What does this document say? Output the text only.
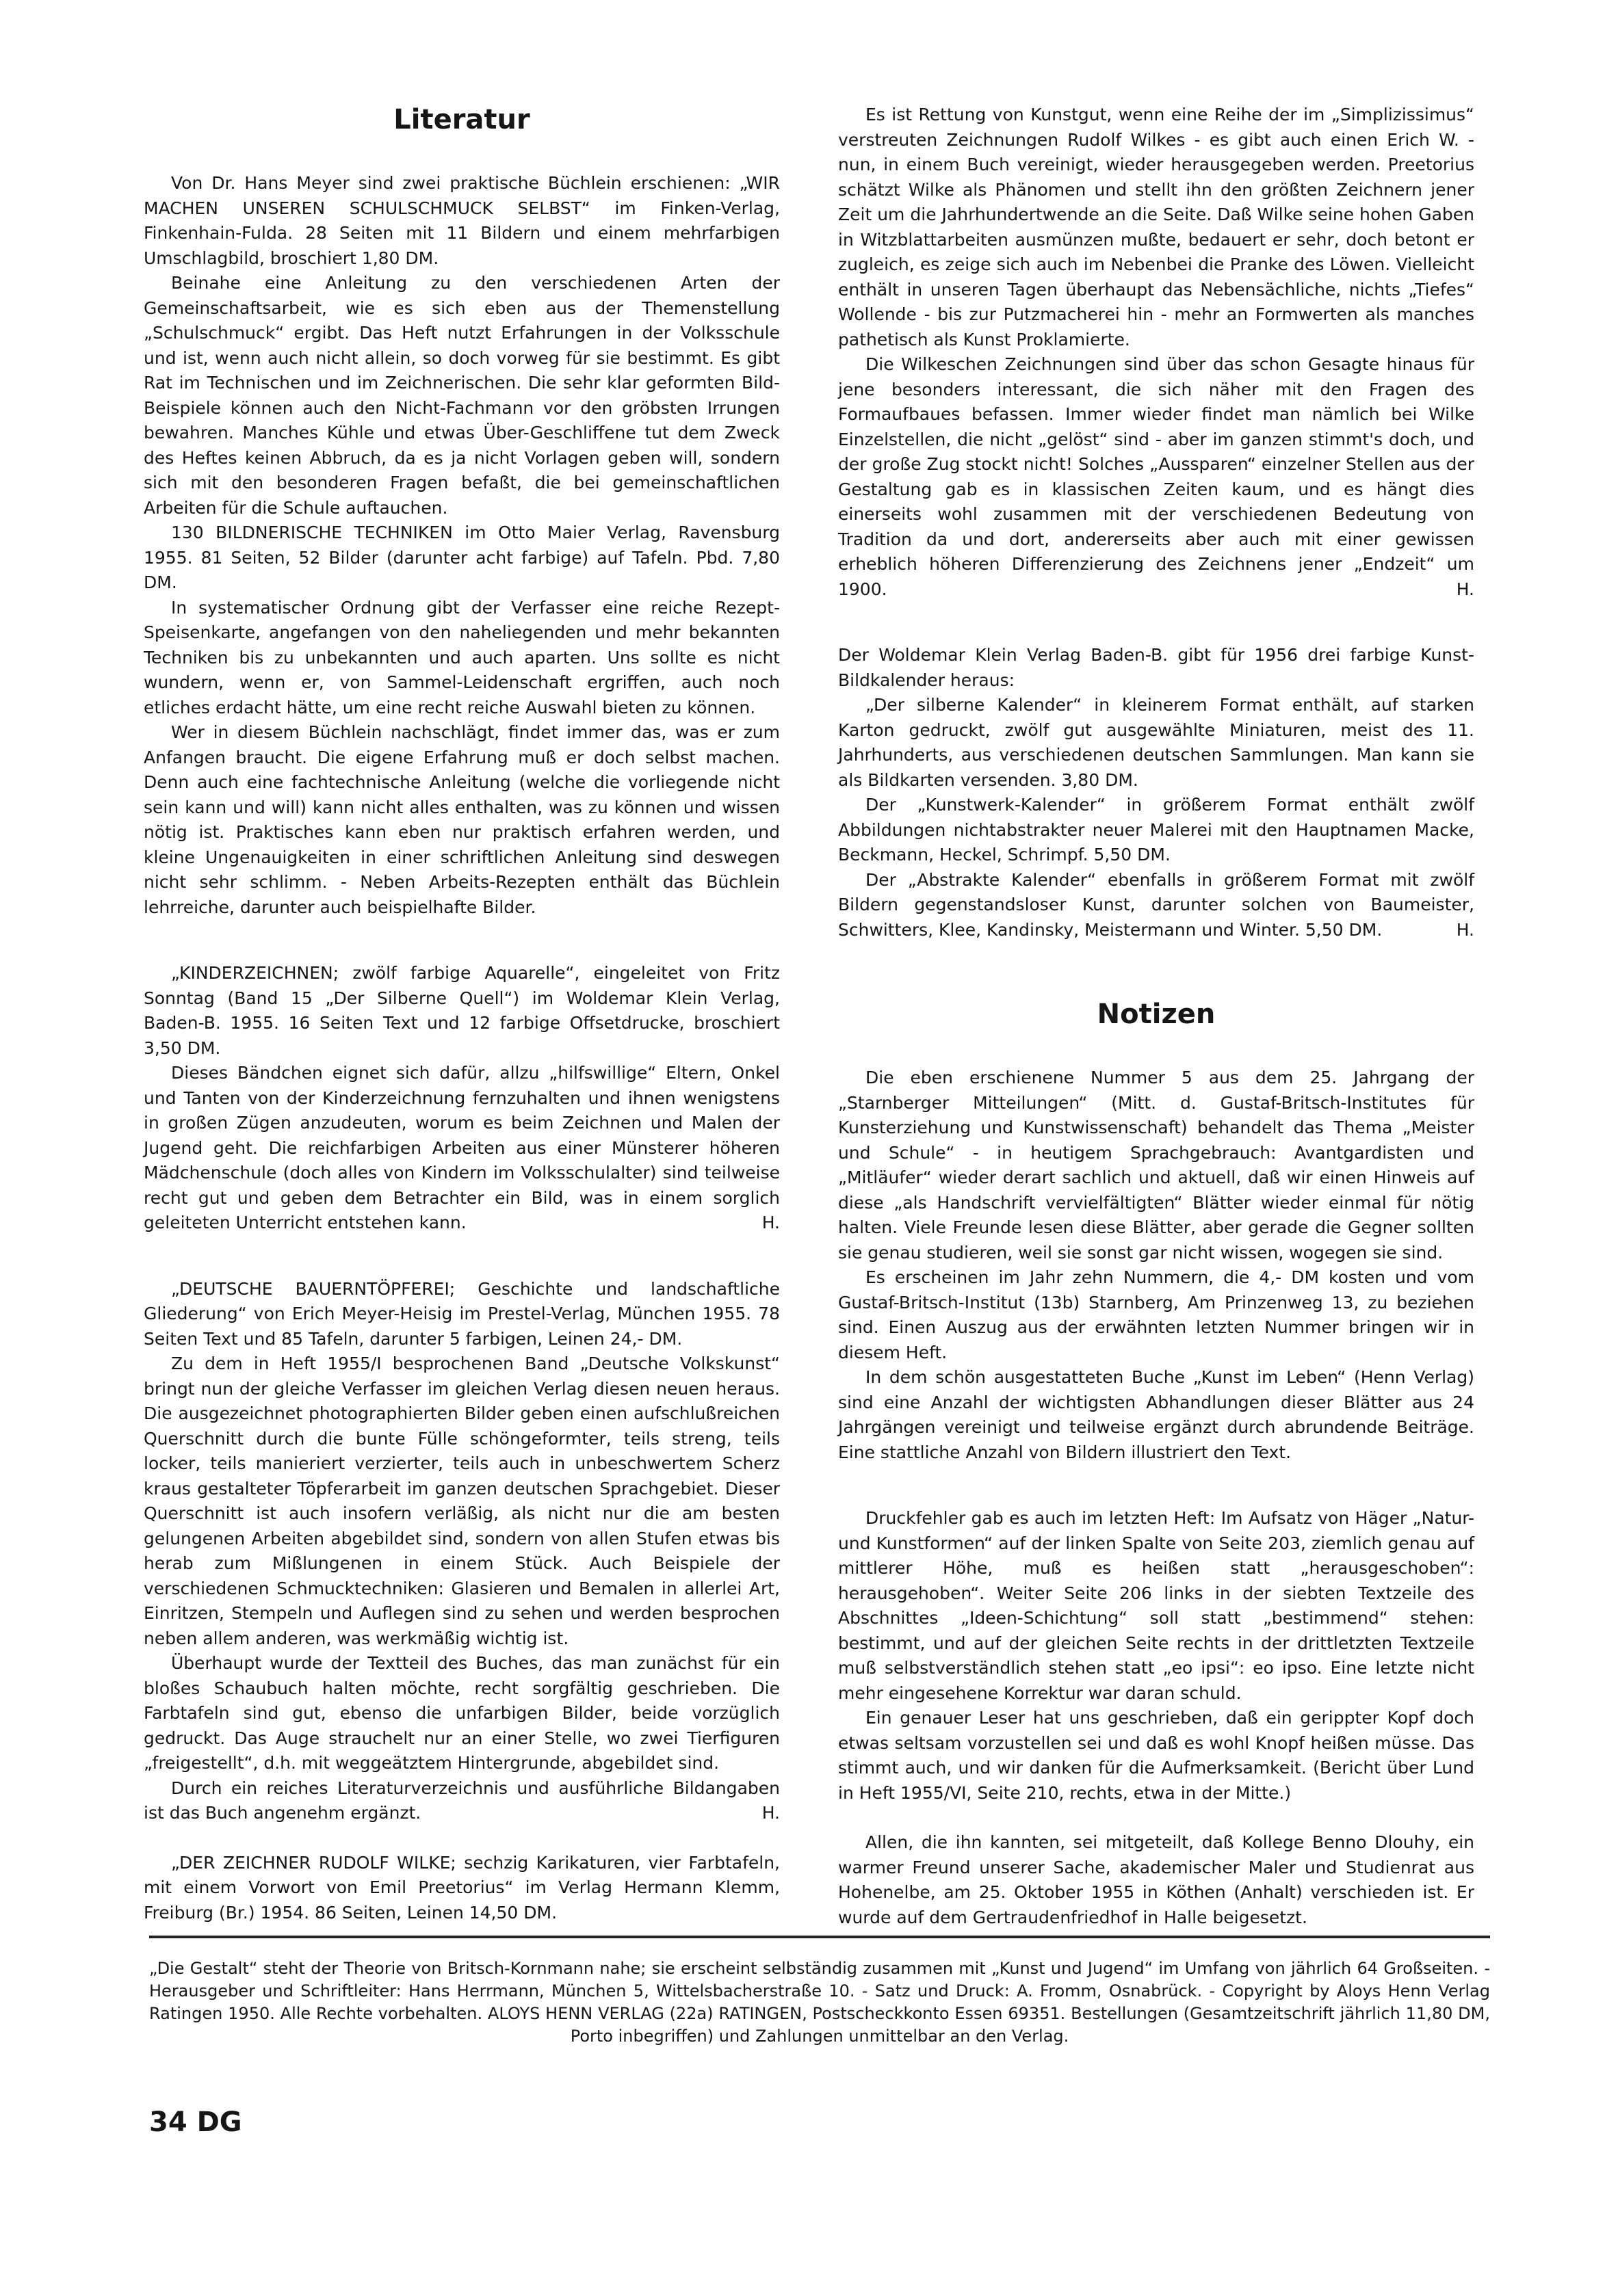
Literatur

Von Dr. Hans Meyer sind zwei praktische Büchlein erschienen: „WIR MACHEN UNSEREN SCHULSCHMUCK SELBST“ im Finken-Verlag, Finkenhain-Fulda. 28 Seiten mit 11 Bildern und einem mehrfarbigen Umschlagbild, broschiert 1,80 DM.

Beinahe eine Anleitung zu den verschiedenen Arten der Gemeinschaftsarbeit, wie es sich eben aus der Themenstellung „Schulschmuck“ ergibt. Das Heft nutzt Erfahrungen in der Volksschule und ist, wenn auch nicht allein, so doch vorweg für sie bestimmt. Es gibt Rat im Technischen und im Zeichnerischen. Die sehr klar geformten Bild-Beispiele können auch den Nicht-Fachmann vor den gröbsten Irrungen bewahren. Manches Kühle und etwas Über-Geschliffene tut dem Zweck des Heftes keinen Abbruch, da es ja nicht Vorlagen geben will, sondern sich mit den besonderen Fragen befaßt, die bei gemeinschaftlichen Arbeiten für die Schule auftauchen.

130 BILDNERISCHE TECHNIKEN im Otto Maier Verlag, Ravensburg 1955. 81 Seiten, 52 Bilder (darunter acht farbige) auf Tafeln. Pbd. 7,80 DM.

In systematischer Ordnung gibt der Verfasser eine reiche Rezept-Speisenkarte, angefangen von den naheliegenden und mehr bekannten Techniken bis zu unbekannten und auch aparten. Uns sollte es nicht wundern, wenn er, von Sammel-Leidenschaft ergriffen, auch noch etliches erdacht hätte, um eine recht reiche Auswahl bieten zu können.

Wer in diesem Büchlein nachschlägt, findet immer das, was er zum Anfangen braucht. Die eigene Erfahrung muß er doch selbst machen. Denn auch eine fachtechnische Anleitung (welche die vorliegende nicht sein kann und will) kann nicht alles enthalten, was zu können und wissen nötig ist. Praktisches kann eben nur praktisch erfahren werden, und kleine Ungenauigkeiten in einer schriftlichen Anleitung sind deswegen nicht sehr schlimm. - Neben Arbeits-Rezepten enthält das Büchlein lehrreiche, darunter auch beispielhafte Bilder.

„KINDERZEICHNEN; zwölf farbige Aquarelle“, eingeleitet von Fritz Sonntag (Band 15 „Der Silberne Quell“) im Woldemar Klein Verlag, Baden-B. 1955. 16 Seiten Text und 12 farbige Offsetdrucke, broschiert 3,50 DM.

Dieses Bändchen eignet sich dafür, allzu „hilfswillige“ Eltern, Onkel und Tanten von der Kinderzeichnung fernzuhalten und ihnen wenigstens in großen Zügen anzudeuten, worum es beim Zeichnen und Malen der Jugend geht. Die reichfarbigen Arbeiten aus einer Münsterer höheren Mädchenschule (doch alles von Kindern im Volksschulalter) sind teilweise recht gut und geben dem Betrachter ein Bild, was in einem sorglich geleiteten Unterricht entstehen kann.	H.

„DEUTSCHE BAUERNTÖPFEREI; Geschichte und landschaftliche Gliederung“ von Erich Meyer-Heisig im Prestel-Verlag, München 1955. 78 Seiten Text und 85 Tafeln, darunter 5 farbigen, Leinen 24,- DM.

Zu dem in Heft 1955/I besprochenen Band „Deutsche Volkskunst“ bringt nun der gleiche Verfasser im gleichen Verlag diesen neuen heraus. Die ausgezeichnet photographierten Bilder geben einen aufschlußreichen Querschnitt durch die bunte Fülle schöngeformter, teils streng, teils locker, teils manieriert verzierter, teils auch in unbeschwertem Scherz kraus gestalteter Töpferarbeit im ganzen deutschen Sprachgebiet. Dieser Querschnitt ist auch insofern verläßig, als nicht nur die am besten gelungenen Arbeiten abgebildet sind, sondern von allen Stufen etwas bis herab zum Mißlungenen in einem Stück. Auch Beispiele der verschiedenen Schmucktechniken: Glasieren und Bemalen in allerlei Art, Einritzen, Stempeln und Auflegen sind zu sehen und werden besprochen neben allem anderen, was werkmäßig wichtig ist.

Überhaupt wurde der Textteil des Buches, das man zunächst für ein bloßes Schaubuch halten möchte, recht sorgfältig geschrieben. Die Farbtafeln sind gut, ebenso die unfarbigen Bilder, beide vorzüglich gedruckt. Das Auge strauchelt nur an einer Stelle, wo zwei Tierfiguren „freigestellt“, d.h. mit weggeätztem Hintergrunde, abgebildet sind.

Durch ein reiches Literaturverzeichnis und ausführliche Bildangaben ist das Buch angenehm ergänzt.	H.

„DER ZEICHNER RUDOLF WILKE; sechzig Karikaturen, vier Farbtafeln, mit einem Vorwort von Emil Preetorius“ im Verlag Hermann Klemm, Freiburg (Br.) 1954. 86 Seiten, Leinen 14,50 DM.

Es ist Rettung von Kunstgut, wenn eine Reihe der im „Simplizissimus“ verstreuten Zeichnungen Rudolf Wilkes - es gibt auch einen Erich W. - nun, in einem Buch vereinigt, wieder herausgegeben werden. Preetorius schätzt Wilke als Phänomen und stellt ihn den größten Zeichnern jener Zeit um die Jahrhundertwende an die Seite. Daß Wilke seine hohen Gaben in Witzblattarbeiten ausmünzen mußte, bedauert er sehr, doch betont er zugleich, es zeige sich auch im Nebenbei die Pranke des Löwen. Vielleicht enthält in unseren Tagen überhaupt das Nebensächliche, nichts „Tiefes“ Wollende - bis zur Putzmacherei hin - mehr an Formwerten als manches pathetisch als Kunst Proklamierte.

Die Wilkeschen Zeichnungen sind über das schon Gesagte hinaus für jene besonders interessant, die sich näher mit den Fragen des Formaufbaues befassen. Immer wieder findet man nämlich bei Wilke Einzelstellen, die nicht „gelöst“ sind - aber im ganzen stimmt's doch, und der große Zug stockt nicht! Solches „Aussparen“ einzelner Stellen aus der Gestaltung gab es in klassischen Zeiten kaum, und es hängt dies einerseits wohl zusammen mit der verschiedenen Bedeutung von Tradition da und dort, andererseits aber auch mit einer gewissen erheblich höheren Differenzierung des Zeichnens jener „Endzeit“ um 1900.	H.

Der Woldemar Klein Verlag Baden-B. gibt für 1956 drei farbige Kunst-Bildkalender heraus:

„Der silberne Kalender“ in kleinerem Format enthält, auf starken Karton gedruckt, zwölf gut ausgewählte Miniaturen, meist des 11. Jahrhunderts, aus verschiedenen deutschen Sammlungen. Man kann sie als Bildkarten versenden. 3,80 DM.

Der „Kunstwerk-Kalender“ in größerem Format enthält zwölf Abbildungen nichtabstrakter neuer Malerei mit den Hauptnamen Macke, Beckmann, Heckel, Schrimpf. 5,50 DM.

Der „Abstrakte Kalender“ ebenfalls in größerem Format mit zwölf Bildern gegenstandsloser Kunst, darunter solchen von Baumeister, Schwitters, Klee, Kandinsky, Meistermann und Winter. 5,50 DM.	H.

Notizen

Die eben erschienene Nummer 5 aus dem 25. Jahrgang der „Starnberger Mitteilungen“ (Mitt. d. Gustaf-Britsch-Institutes für Kunsterziehung und Kunstwissenschaft) behandelt das Thema „Meister und Schule“ - in heutigem Sprachgebrauch: Avantgardisten und „Mitläufer“ wieder derart sachlich und aktuell, daß wir einen Hinweis auf diese „als Handschrift vervielfältigten“ Blätter wieder einmal für nötig halten. Viele Freunde lesen diese Blätter, aber gerade die Gegner sollten sie genau studieren, weil sie sonst gar nicht wissen, wogegen sie sind.

Es erscheinen im Jahr zehn Nummern, die 4,- DM kosten und vom Gustaf-Britsch-Institut (13b) Starnberg, Am Prinzenweg 13, zu beziehen sind. Einen Auszug aus der erwähnten letzten Nummer bringen wir in diesem Heft.

In dem schön ausgestatteten Buche „Kunst im Leben“ (Henn Verlag) sind eine Anzahl der wichtigsten Abhandlungen dieser Blätter aus 24 Jahrgängen vereinigt und teilweise ergänzt durch abrundende Beiträge. Eine stattliche Anzahl von Bildern illustriert den Text.

Druckfehler gab es auch im letzten Heft: Im Aufsatz von Häger „Natur- und Kunstformen“ auf der linken Spalte von Seite 203, ziemlich genau auf mittlerer Höhe, muß es heißen statt „herausgeschoben“: herausgehoben“. Weiter Seite 206 links in der siebten Textzeile des Abschnittes „Ideen-Schichtung“ soll statt „bestimmend“ stehen: bestimmt, und auf der gleichen Seite rechts in der drittletzten Textzeile muß selbstverständlich stehen statt „eo ipsi“: eo ipso. Eine letzte nicht mehr eingesehene Korrektur war daran schuld.

Ein genauer Leser hat uns geschrieben, daß ein gerippter Kopf doch etwas seltsam vorzustellen sei und daß es wohl Knopf heißen müsse. Das stimmt auch, und wir danken für die Aufmerksamkeit. (Bericht über Lund in Heft 1955/VI, Seite 210, rechts, etwa in der Mitte.)

Allen, die ihn kannten, sei mitgeteilt, daß Kollege Benno Dlouhy, ein warmer Freund unserer Sache, akademischer Maler und Studienrat aus Hohenelbe, am 25. Oktober 1955 in Köthen (Anhalt) verschieden ist. Er wurde auf dem Gertraudenfriedhof in Halle beigesetzt.

„Die Gestalt“ steht der Theorie von Britsch-Kornmann nahe; sie erscheint selbständig zusammen mit „Kunst und Jugend“ im Umfang von jährlich 64 Großseiten. - Herausgeber und Schriftleiter: Hans Herrmann, München 5, Wittelsbacherstraße 10. - Satz und Druck: A. Fromm, Osnabrück. - Copyright by Aloys Henn Verlag Ratingen 1950. Alle Rechte vorbehalten. ALOYS HENN VERLAG (22a) RATINGEN, Postscheckkonto Essen 69351. Bestellungen (Gesamtzeitschrift jährlich 11,80 DM, Porto inbegriffen) und Zahlungen unmittelbar an den Verlag.
34 DG
